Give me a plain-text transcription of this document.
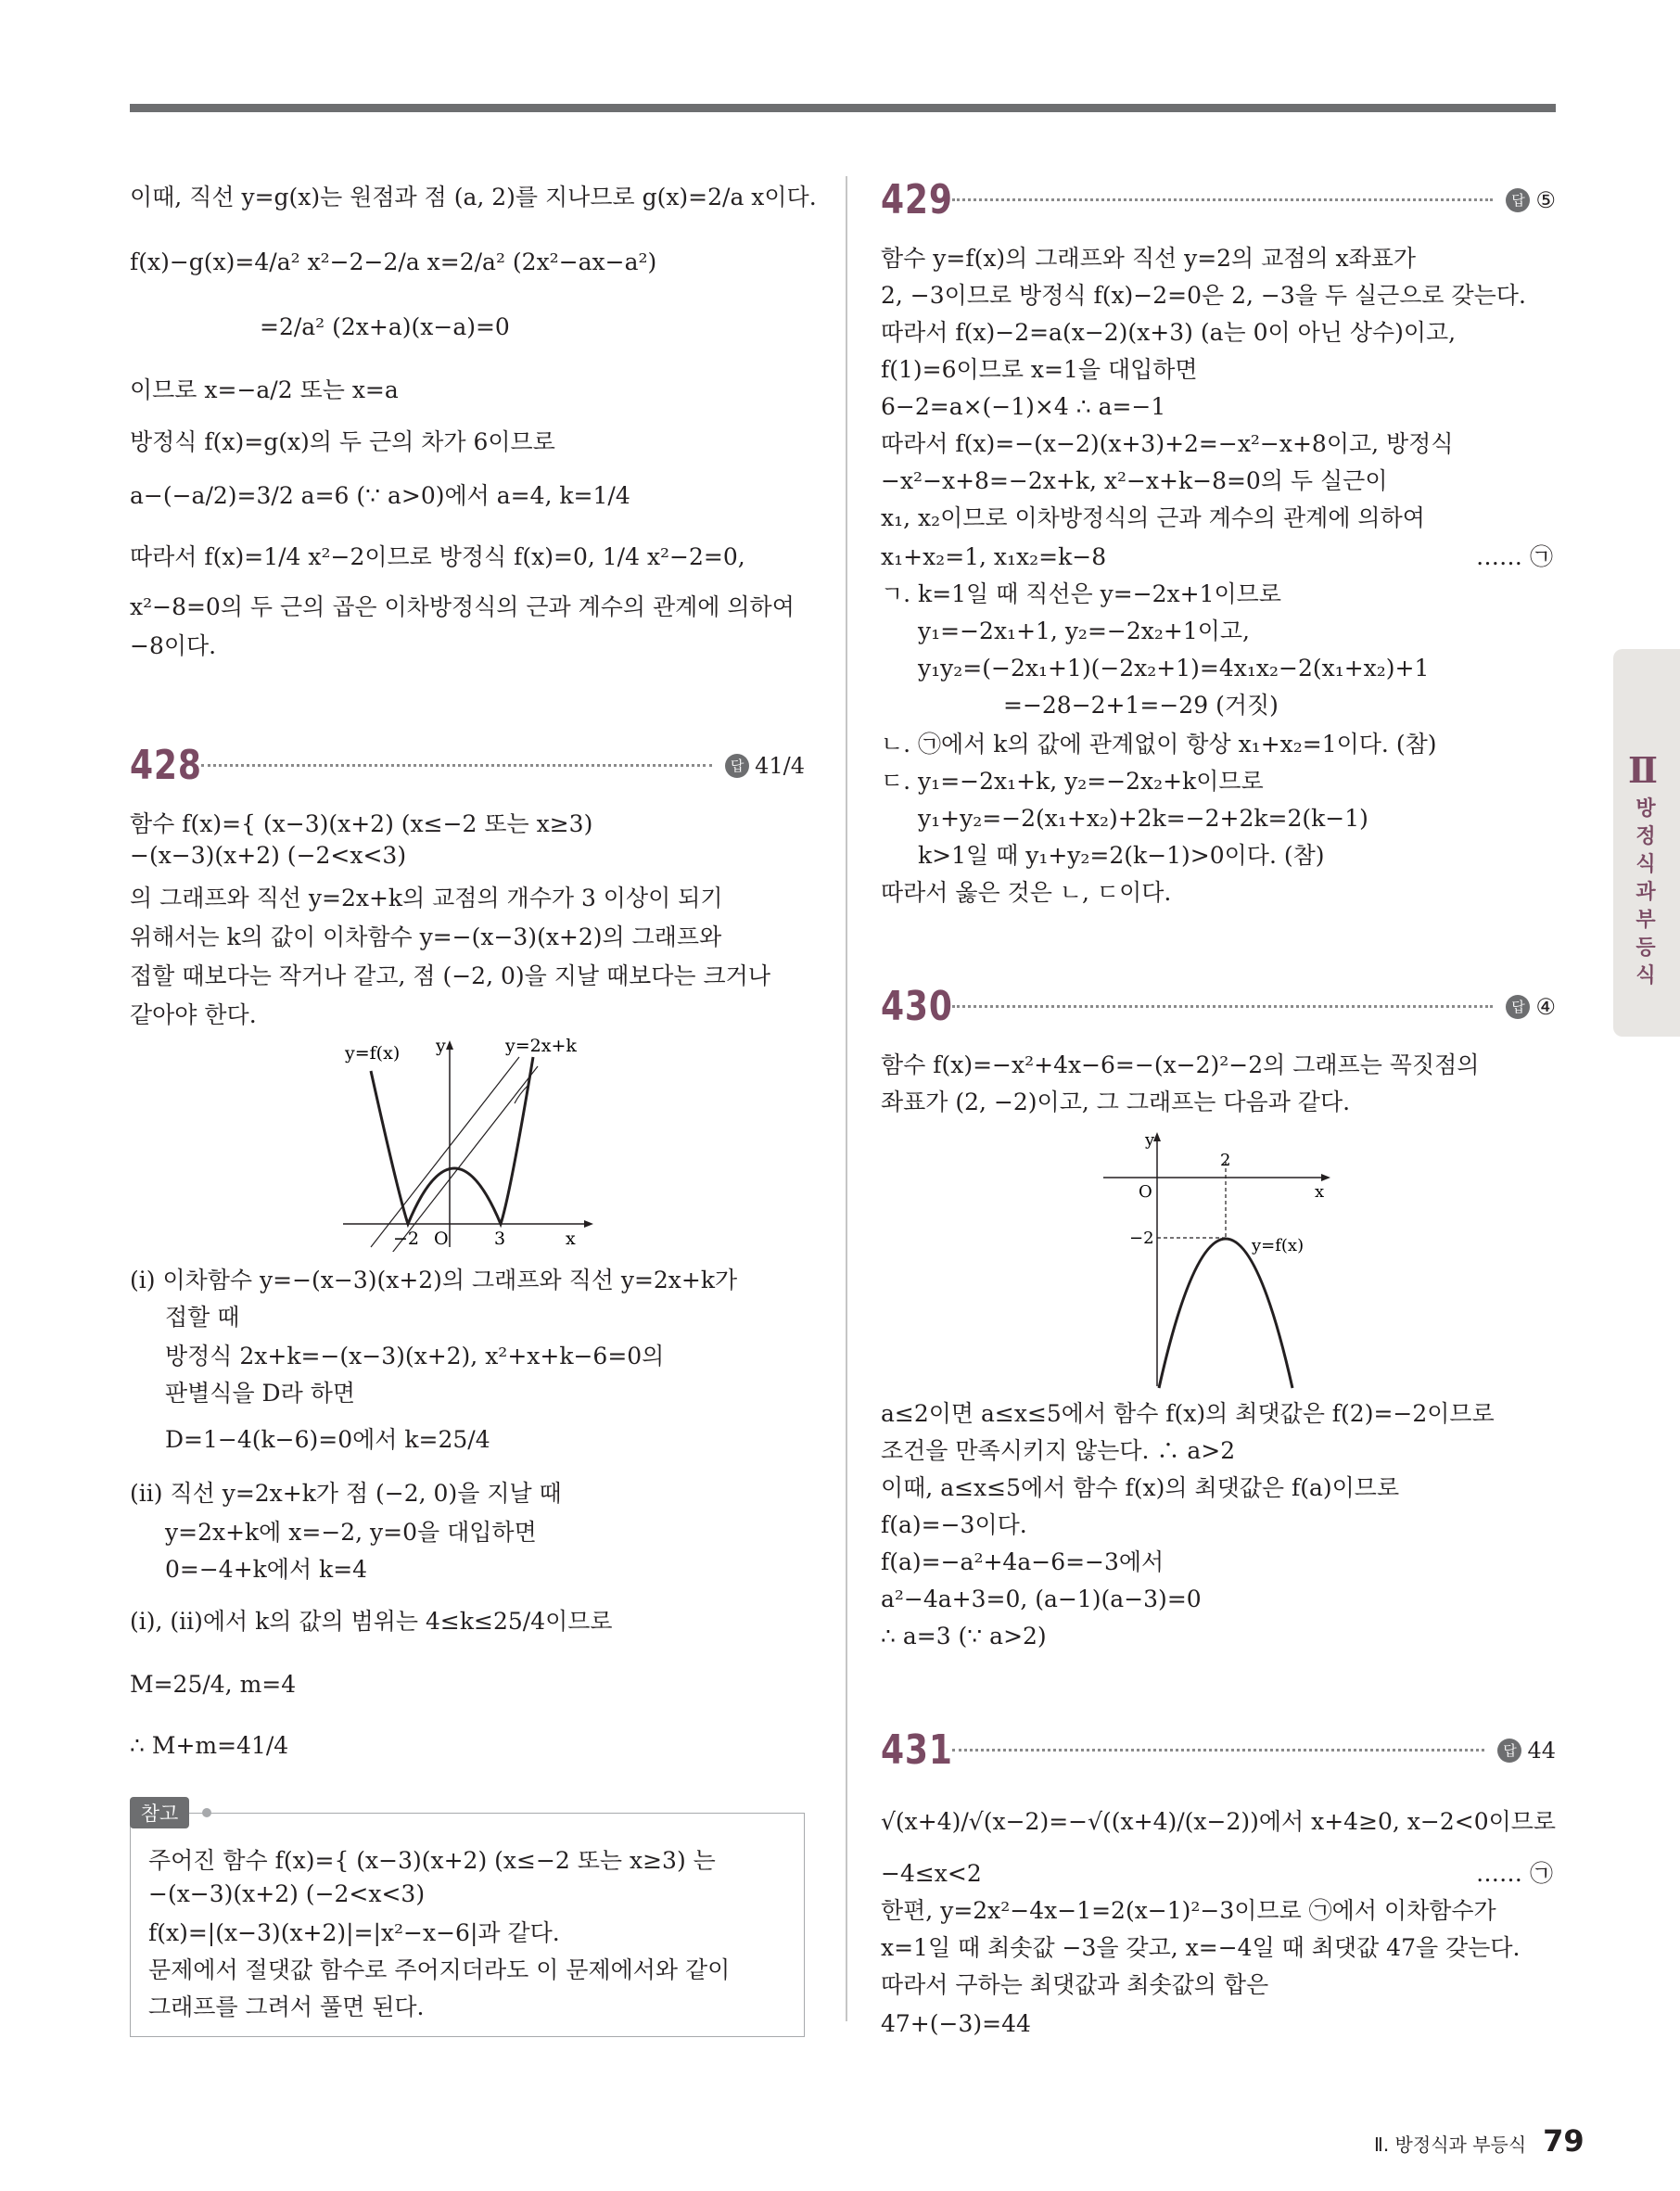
Ⅱ
방정식과부등식
이때, 직선 y=g(x)는 원점과 점 (a, 2)를 지나므로 g(x)=2/a x이다.
f(x)−g(x)=4/a² x²−2−2/a x=2/a² (2x²−ax−a²)
=2/a² (2x+a)(x−a)=0
이므로 x=−a/2 또는 x=a
방정식 f(x)=g(x)의 두 근의 차가 6이므로
a−(−a/2)=3/2 a=6 (∵ a>0)에서 a=4, k=1/4
따라서 f(x)=1/4 x²−2이므로 방정식 f(x)=0, 1/4 x²−2=0,
x²−8=0의 두 근의 곱은 이차방정식의 근과 계수의 관계에 의하여
−8이다.
428	답 41/4
함수 f(x)={ (x−3)(x+2) (x≤−2 또는 x≥3)
−(x−3)(x+2) (−2<x<3)
의 그래프와 직선 y=2x+k의 교점의 개수가 3 이상이 되기
위해서는 k의 값이 이차함수 y=−(x−3)(x+2)의 그래프와
접할 때보다는 작거나 같고, 점 (−2, 0)을 지날 때보다는 크거나
같아야 한다.
y=f(x)	y=2x+k
y
x
O
−2	3
(ⅰ) 이차함수 y=−(x−3)(x+2)의 그래프와 직선 y=2x+k가
접할 때
방정식 2x+k=−(x−3)(x+2), x²+x+k−6=0의
판별식을 D라 하면
D=1−4(k−6)=0에서 k=25/4
(ⅱ) 직선 y=2x+k가 점 (−2, 0)을 지날 때
y=2x+k에 x=−2, y=0을 대입하면
0=−4+k에서 k=4
(ⅰ), (ⅱ)에서 k의 값의 범위는 4≤k≤25/4이므로
M=25/4, m=4
∴ M+m=41/4
참고
주어진 함수 f(x)={ (x−3)(x+2) (x≤−2 또는 x≥3) 는
−(x−3)(x+2) (−2<x<3)
f(x)=|(x−3)(x+2)|=|x²−x−6|과 같다.
문제에서 절댓값 함수로 주어지더라도 이 문제에서와 같이
그래프를 그려서 풀면 된다.
429	답 ⑤
함수 y=f(x)의 그래프와 직선 y=2의 교점의 x좌표가
2, −3이므로 방정식 f(x)−2=0은 2, −3을 두 실근으로 갖는다.
따라서 f(x)−2=a(x−2)(x+3) (a는 0이 아닌 상수)이고,
f(1)=6이므로 x=1을 대입하면
6−2=a×(−1)×4 ∴ a=−1
따라서 f(x)=−(x−2)(x+3)+2=−x²−x+8이고, 방정식
−x²−x+8=−2x+k, x²−x+k−8=0의 두 실근이
x₁, x₂이므로 이차방정식의 근과 계수의 관계에 의하여
x₁+x₂=1, x₁x₂=k−8	…… ㉠
ㄱ. k=1일 때 직선은 y=−2x+1이므로
y₁=−2x₁+1, y₂=−2x₂+1이고,
y₁y₂=(−2x₁+1)(−2x₂+1)=4x₁x₂−2(x₁+x₂)+1
=−28−2+1=−29 (거짓)
ㄴ. ㉠에서 k의 값에 관계없이 항상 x₁+x₂=1이다. (참)
ㄷ. y₁=−2x₁+k, y₂=−2x₂+k이므로
y₁+y₂=−2(x₁+x₂)+2k=−2+2k=2(k−1)
k>1일 때 y₁+y₂=2(k−1)>0이다. (참)
따라서 옳은 것은 ㄴ, ㄷ이다.
430	답 ④
함수 f(x)=−x²+4x−6=−(x−2)²−2의 그래프는 꼭짓점의
좌표가 (2, −2)이고, 그 그래프는 다음과 같다.
y
x
O
2
−2	y=f(x)
a≤2이면 a≤x≤5에서 함수 f(x)의 최댓값은 f(2)=−2이므로
조건을 만족시키지 않는다. ∴ a>2
이때, a≤x≤5에서 함수 f(x)의 최댓값은 f(a)이므로
f(a)=−3이다.
f(a)=−a²+4a−6=−3에서
a²−4a+3=0, (a−1)(a−3)=0
∴ a=3 (∵ a>2)
431	답 44
√(x+4)/√(x−2)=−√((x+4)/(x−2))에서 x+4≥0, x−2<0이므로
−4≤x<2	…… ㉠
한편, y=2x²−4x−1=2(x−1)²−3이므로 ㉠에서 이차함수가
x=1일 때 최솟값 −3을 갖고, x=−4일 때 최댓값 47을 갖는다.
따라서 구하는 최댓값과 최솟값의 합은
47+(−3)=44
Ⅱ. 방정식과 부등식 79
